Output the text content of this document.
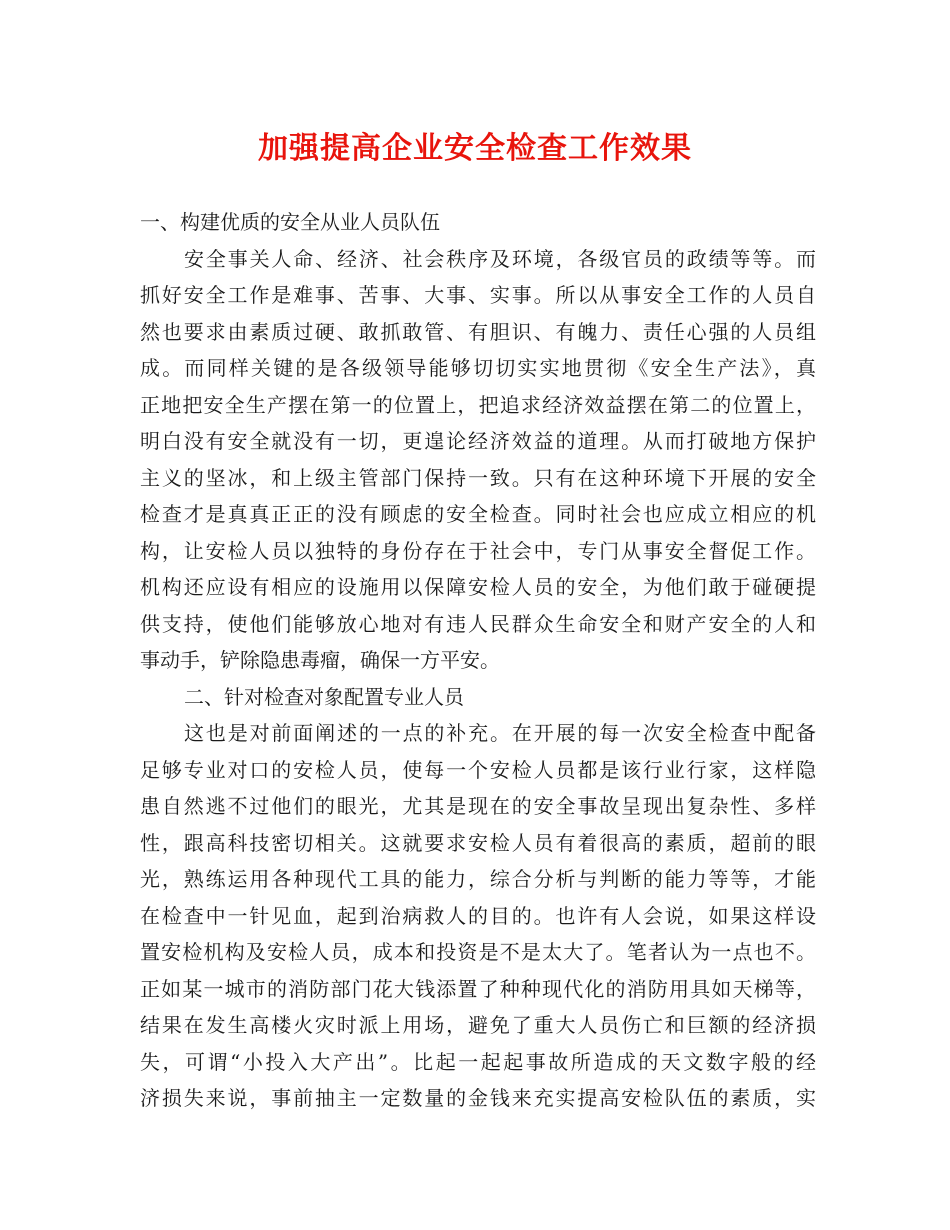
加强提高企业安全检查工作效果
一、构建优质的安全从业人员队伍
安全事关人命、经济、社会秩序及环境，各级官员的政绩等等。而
抓好安全工作是难事、苦事、大事、实事。所以从事安全工作的人员自
然也要求由素质过硬、敢抓敢管、有胆识、有魄力、责任心强的人员组
成。而同样关键的是各级领导能够切切实实地贯彻《安全生产法》，真
正地把安全生产摆在第一的位置上，把追求经济效益摆在第二的位置上，
明白没有安全就没有一切，更遑论经济效益的道理。从而打破地方保护
主义的坚冰，和上级主管部门保持一致。只有在这种环境下开展的安全
检查才是真真正正的没有顾虑的安全检查。同时社会也应成立相应的机
构，让安检人员以独特的身份存在于社会中，专门从事安全督促工作。
机构还应设有相应的设施用以保障安检人员的安全，为他们敢于碰硬提
供支持，使他们能够放心地对有违人民群众生命安全和财产安全的人和
事动手，铲除隐患毒瘤，确保一方平安。
二、针对检查对象配置专业人员
这也是对前面阐述的一点的补充。在开展的每一次安全检查中配备
足够专业对口的安检人员，使每一个安检人员都是该行业行家，这样隐
患自然逃不过他们的眼光，尤其是现在的安全事故呈现出复杂性、多样
性，跟高科技密切相关。这就要求安检人员有着很高的素质，超前的眼
光，熟练运用各种现代工具的能力，综合分析与判断的能力等等，才能
在检查中一针见血，起到治病救人的目的。也许有人会说，如果这样设
置安检机构及安检人员，成本和投资是不是太大了。笔者认为一点也不。
正如某一城市的消防部门花大钱添置了种种现代化的消防用具如天梯等，
结果在发生高楼火灾时派上用场，避免了重大人员伤亡和巨额的经济损
失，可谓“小投入大产出”。比起一起起事故所造成的天文数字般的经
济损失来说，事前抽主一定数量的金钱来充实提高安检队伍的素质，实
